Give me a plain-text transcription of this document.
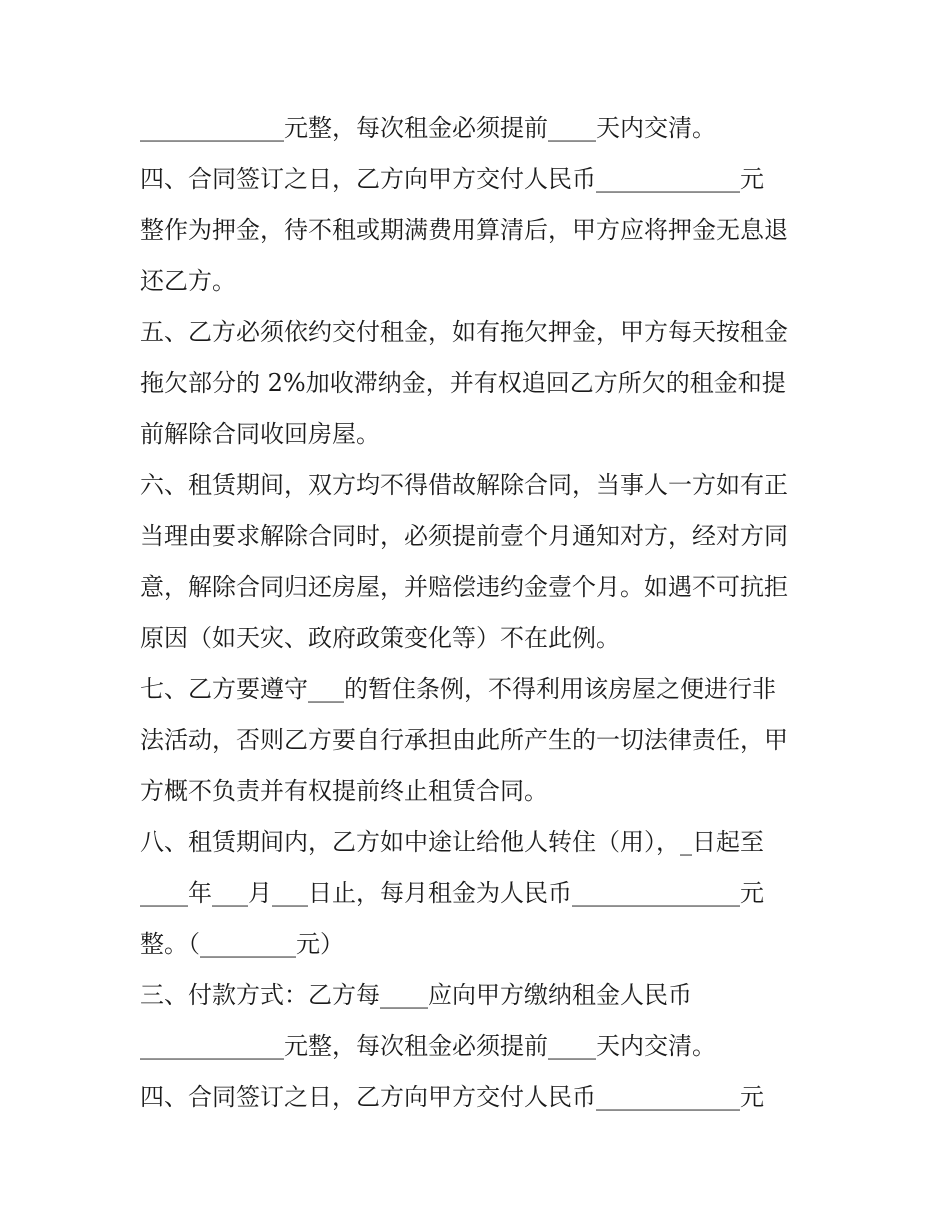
____________元整，每次租金必须提前____天内交清。

四、合同签订之日，乙方向甲方交付人民币____________元

整作为押金，待不租或期满费用算清后，甲方应将押金无息退

还乙方。

五、乙方必须依约交付租金，如有拖欠押金，甲方每天按租金

拖欠部分的 2%加收滞纳金，并有权追回乙方所欠的租金和提

前解除合同收回房屋。

六、租赁期间，双方均不得借故解除合同，当事人一方如有正

当理由要求解除合同时，必须提前壹个月通知对方，经对方同

意，解除合同归还房屋，并赔偿违约金壹个月。如遇不可抗拒

原因（如天灾、政府政策变化等）不在此例。

七、乙方要遵守___的暂住条例，不得利用该房屋之便进行非

法活动，否则乙方要自行承担由此所产生的一切法律责任，甲

方概不负责并有权提前终止租赁合同。

八、租赁期间内，乙方如中途让给他人转住（用），_日起至

____年___月___日止，每月租金为人民币______________元

整。（________元）

三、付款方式：乙方每____应向甲方缴纳租金人民币

____________元整，每次租金必须提前____天内交清。

四、合同签订之日，乙方向甲方交付人民币____________元
